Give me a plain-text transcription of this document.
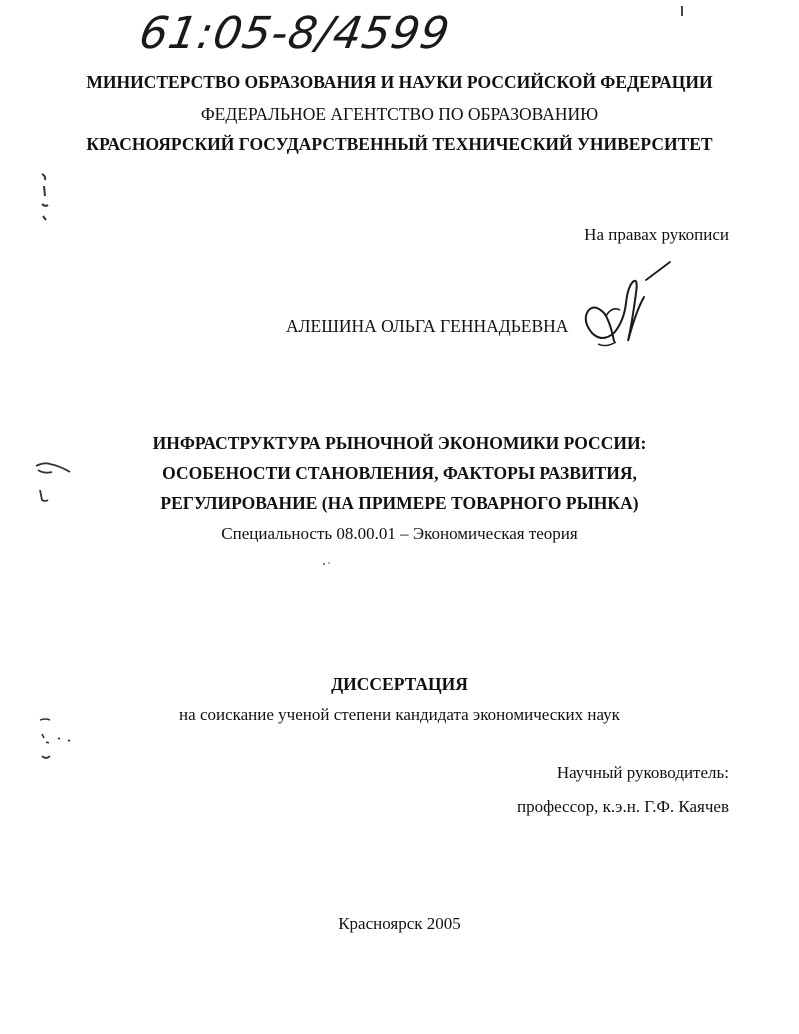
61:05-8/4599
МИНИСТЕРСТВО ОБРАЗОВАНИЯ И НАУКИ РОССИЙСКОЙ ФЕДЕРАЦИИ
ФЕДЕРАЛЬНОЕ АГЕНТСТВО ПО ОБРАЗОВАНИЮ
КРАСНОЯРСКИЙ ГОСУДАРСТВЕННЫЙ ТЕХНИЧЕСКИЙ УНИВЕРСИТЕТ
На правах рукописи
АЛЕШИНА ОЛЬГА ГЕННАДЬЕВНА
ИНФРАСТРУКТУРА РЫНОЧНОЙ ЭКОНОМИКИ РОССИИ:
ОСОБЕНОСТИ СТАНОВЛЕНИЯ, ФАКТОРЫ РАЗВИТИЯ,
РЕГУЛИРОВАНИЕ (НА ПРИМЕРЕ ТОВАРНОГО РЫНКА)
Специальность 08.00.01 – Экономическая теория
ДИССЕРТАЦИЯ
на соискание ученой степени кандидата экономических наук
Научный руководитель:
профессор, к.э.н. Г.Ф. Каячев
Красноярск 2005
